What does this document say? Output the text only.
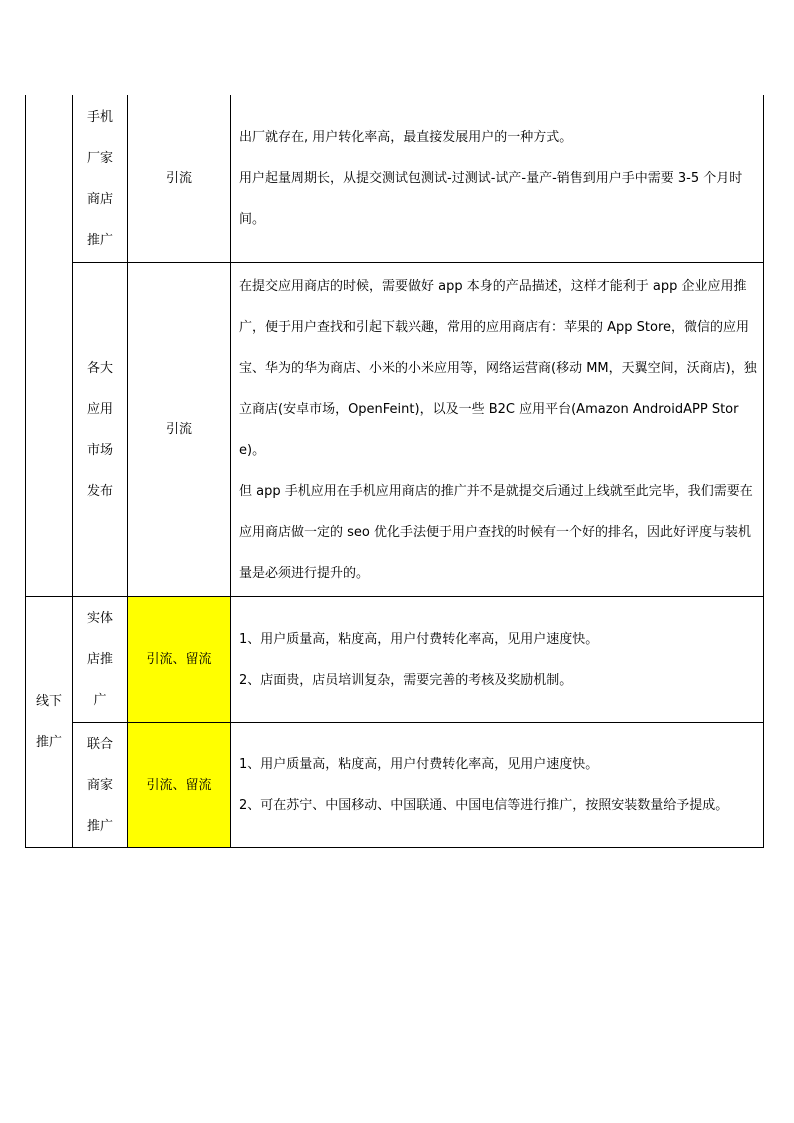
	手机厂家商店推广	引流	出厂就存在, 用户转化率高，最直接发展用户的一种方式。

用户起量周期长，从提交测试包测试-过测试-试产-量产-销售到用户手中需要 3-5 个月时间。

	各大应用市场发布	引流	在提交应用商店的时候，需要做好 app 本身的产品描述，这样才能利于 app 企业应用推广，便于用户查找和引起下载兴趣，常用的应用商店有：苹果的 App Store，微信的应用宝、华为的华为商店、小米的小米应用等，网络运营商(移动 MM，天翼空间，沃商店)，独立商店(安卓市场，OpenFeint)，以及一些 B2C 应用平台(Amazon AndroidAPP Store)。

但 app 手机应用在手机应用商店的推广并不是就提交后通过上线就至此完毕，我们需要在应用商店做一定的 seo 优化手法便于用户查找的时候有一个好的排名，因此好评度与装机量是必须进行提升的。

线下推广	实体店推广	引流、留流	1、用户质量高，粘度高，用户付费转化率高，见用户速度快。

2、店面贵，店员培训复杂，需要完善的考核及奖励机制。

	联合商家推广	引流、留流	1、用户质量高，粘度高，用户付费转化率高，见用户速度快。

2、可在苏宁、中国移动、中国联通、中国电信等进行推广，按照安装数量给予提成。
